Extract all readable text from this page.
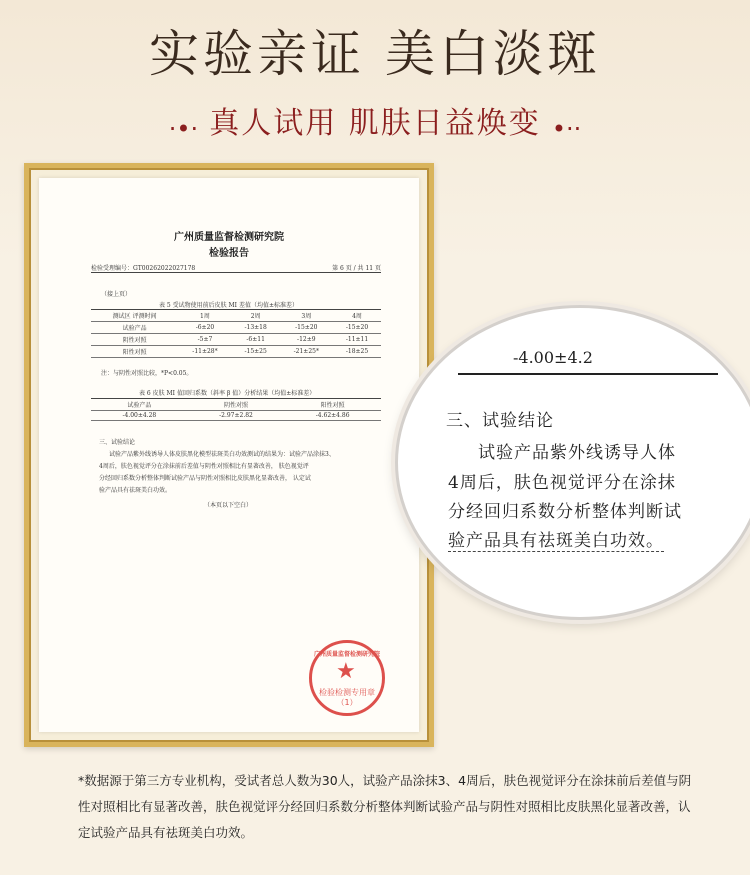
实验亲证 美白淡斑
·•· 真人试用 肌肤日益焕变 •··
广州质量监督检测研究院
检验报告
检验受理编号：GT00262022027178	第 6 页 / 共 11 页
（接上页）
表 5 受试物使用前后皮肤 MI 差值（均值±标准差）
测试区 评测时间	1周	2周	3周	4周
试验产品	-6±20	-13±18	-15±20	-15±20
阴性对照	-5±7	-6±11	-12±9	-11±11
阳性对照	-11±28*	-15±25	-21±25*	-18±25
注：与阴性对照比较，*P<0.05。
表 6 皮肤 MI 值回归系数（斜率 β 值）分析结果（均值±标准差）
试验产品	阴性对照	阳性对照
-4.00±4.28	-2.97±2.82	-4.62±4.86
三、试验结论
试验产品紫外线诱导人体皮肤黑化模型祛斑美白功效测试的结果为：试验产品涂抹3、
4周后，肤色视觉评分在涂抹前后差值与阴性对照相比有显著改善， 肤色视觉评
分经回归系数分析整体判断试验产品与阴性对照相比皮肤黑化显著改善， 认定试
验产品具有祛斑美白功效。
（本页以下空白）
广州质量监督检测研究院
★
检验检测专用章
（1）
-4.00±4.2
三、试验结论
试验产品紫外线诱导人体
4周后，肤色视觉评分在涂抹
分经回归系数分析整体判断试
验产品具有祛斑美白功效。
*数据源于第三方专业机构，受试者总人数为30人，试验产品涂抹3、4周后，肤色视觉评分在涂抹前后差值与阴性对照相比有显著改善，肤色视觉评分经回归系数分析整体判断试验产品与阴性对照相比皮肤黑化显著改善，认定试验产品具有祛斑美白功效。
